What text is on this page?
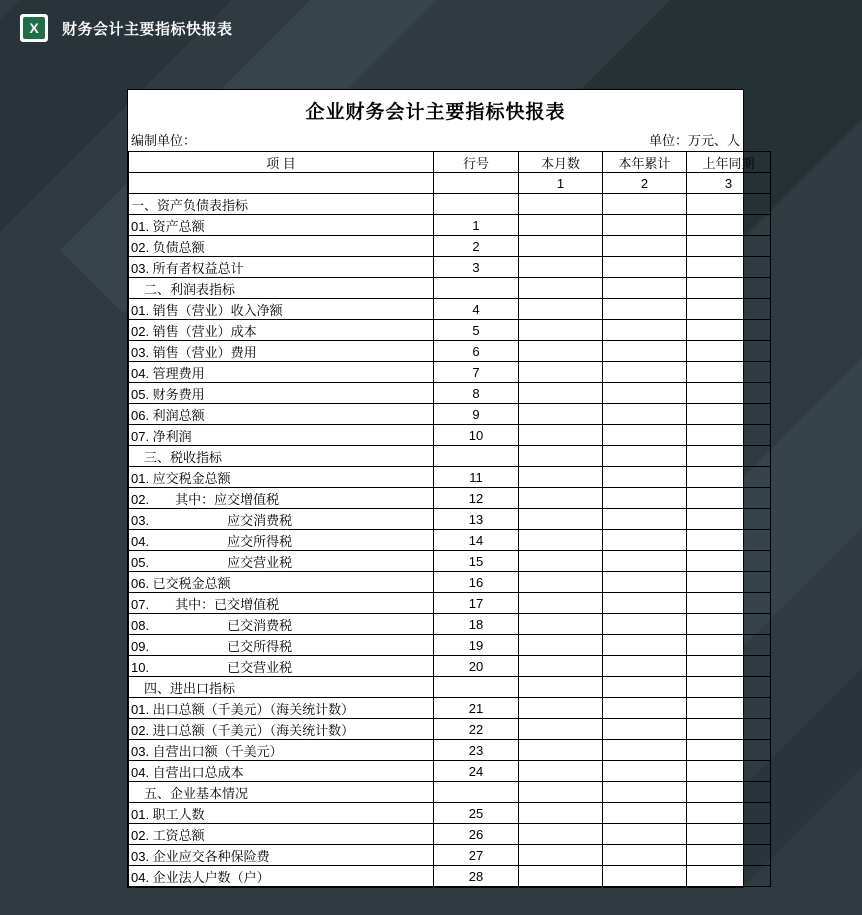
X	财务会计主要指标快报表
企业财务会计主要指标快报表
编制单位：	单位：万元、人
项 目	行号	本月数	本年累计	上年同期
		1	2	3
一、资产负债表指标				
01. 资产总额	1			
02. 负债总额	2			
03. 所有者权益总计	3			
　二、利润表指标				
01. 销售（营业）收入净额	4			
02. 销售（营业）成本	5			
03. 销售（营业）费用	6			
04. 管理费用	7			
05. 财务费用	8			
06. 利润总额	9			
07. 净利润	10			
　三、税收指标				
01. 应交税金总额	11			
02.　　其中：应交增值税	12			
03.　　　　　　应交消费税	13			
04.　　　　　　应交所得税	14			
05.　　　　　　应交营业税	15			
06. 已交税金总额	16			
07.　　其中：已交增值税	17			
08.　　　　　　已交消费税	18			
09.　　　　　　已交所得税	19			
10.　　　　　　已交营业税	20			
　四、进出口指标				
01. 出口总额（千美元）（海关统计数）	21			
02. 进口总额（千美元）（海关统计数）	22			
03. 自营出口额（千美元）	23			
04. 自营出口总成本	24			
　五、企业基本情况				
01. 职工人数	25			
02. 工资总额	26			
03. 企业应交各种保险费	27			
04. 企业法人户数（户）	28			
